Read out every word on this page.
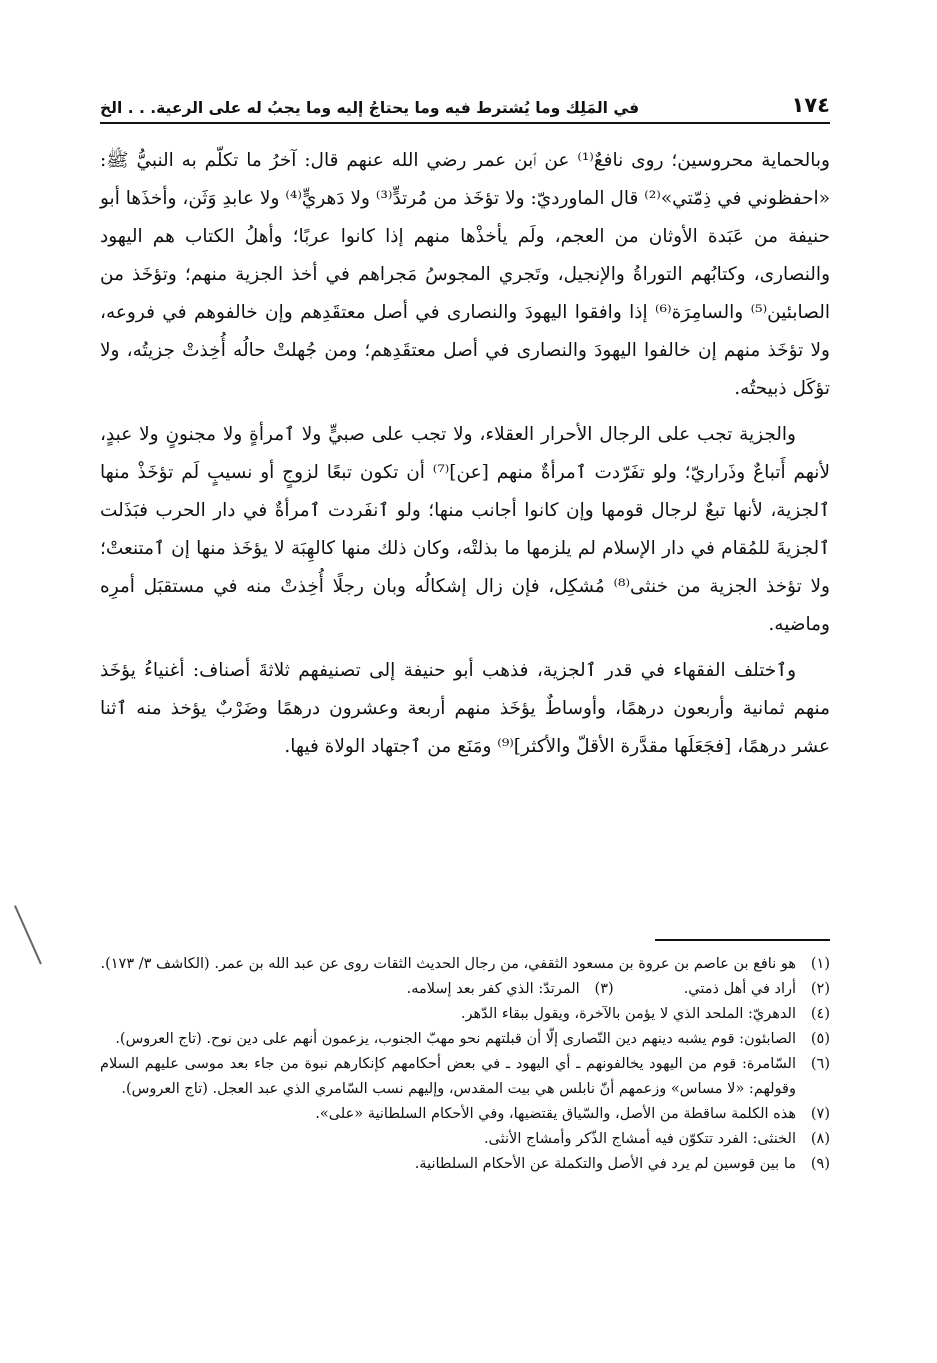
١٧٤
في المَلِك وما يُشترط فيه وما يحتاجُ إليه وما يجبُ له على الرعية. . . الخ

وبالحماية محروسين؛ روى نافعٌ⁽¹⁾ عن ٱبن عمر رضي الله عنهم قال: آخرُ ما تكلّم به النبيُّ ﷺ: «احفظوني في ذِمّتي»⁽²⁾ قال الماورديّ: ولا تؤخَذ من مُرتدٍّ⁽³⁾ ولا دَهريٍّ⁽⁴⁾ ولا عابدِ وَثَن، وأخذَها أبو حنيفة من عَبَدة الأوثان من العجم، ولَم يأخذْها منهم إذا كانوا عربًا؛ وأهلُ الكتاب هم اليهود والنصارى، وكتابُهم التوراةُ والإنجيل، وتَجري المجوسُ مَجراهم في أخذ الجزية منهم؛ وتؤخَذ من الصابئين⁽⁵⁾ والسامِرَة⁽⁶⁾ إذا وافقوا اليهودَ والنصارى في أصل معتقَدِهم وإن خالفوهم في فروعه، ولا تؤخَذ منهم إن خالفوا اليهودَ والنصارى في أصل معتقَدِهم؛ ومن جُهلتْ حالُه أُخِذتْ جزيتُه، ولا تؤكَل ذبيحتُه.

والجزية تجب على الرجال الأحرار العقلاء، ولا تجب على صبيٍّ ولا ٱمرأةٍ ولا مجنونٍ ولا عبدٍ، لأنهم أَتباعٌ وذَراريّ؛ ولو تفَرّدت ٱمرأةٌ منهم [عن]⁽⁷⁾ أن تكون تبعًا لزوجٍ أو نسيبٍ لَم تؤخَذْ منها ٱلجزية، لأنها تبعٌ لرجال قومها وإن كانوا أجانب منها؛ ولو ٱنفَردت ٱمرأةٌ في دار الحرب فبَذَلت ٱلجزيةَ للمُقام في دار الإسلام لم يلزمها ما بذلتْه، وكان ذلك منها كالهِبَة لا يؤخَذ منها إن ٱمتنعتْ؛ ولا تؤخذ الجزية من خنثى⁽⁸⁾ مُشكِل، فإن زال إشكالُه وبان رجلًا أُخِذتْ منه في مستقبَل أمرِه وماضيه.

وٱختلف الفقهاء في قدر ٱلجزية، فذهب أبو حنيفة إلى تصنيفهم ثلاثةَ أصناف: أغنياءُ يؤخَذ منهم ثمانية وأربعون درهمًا، وأوساطٌ يؤخَذ منهم أربعة وعشرون درهمًا وضَرْبٌ يؤخذ منه ٱثنا عشر درهمًا، [فجَعَلَها مقدَّرة الأقلّ والأكثر]⁽⁹⁾ ومَنَع من ٱجتهاد الولاة فيها.

(١)
هو نافع بن عاصم بن عروة بن مسعود الثقفي، من رجال الحديث الثقات روى عن عبد الله بن عمر. (الكاشف ٣/ ١٧٣).
(٢)
أراد في أهل ذمتي.
(٣)
المرتدّ: الذي كفر بعد إسلامه.
(٤)
الدهريّ: الملحد الذي لا يؤمن بالآخرة، ويقول ببقاء الدّهر.
(٥)
الصابئون: قوم يشبه دينهم دين النّصارى إلّا أن قبلتهم نحو مهبّ الجنوب، يزعمون أنهم على دين نوح. (تاج العروس).
(٦)
السّامرة: قوم من اليهود يخالفونهم ـ أي اليهود ـ في بعض أحكامهم كإنكارهم نبوة من جاء بعد موسى عليهم السلام وقولهم: «لا مساس» وزعمهم أنّ نابلس هي بيت المقدس، وإليهم نسب السّامري الذي عبد العجل. (تاج العروس).
(٧)
هذه الكلمة ساقطة من الأصل، والسّياق يقتضيها، وفي الأحكام السلطانية «على».
(٨)
الخنثى: الفرد تتكوّن فيه أمشاج الذّكر وأمشاج الأنثى.
(٩)
ما بين قوسين لم يرد في الأصل والتكملة عن الأحكام السلطانية.
